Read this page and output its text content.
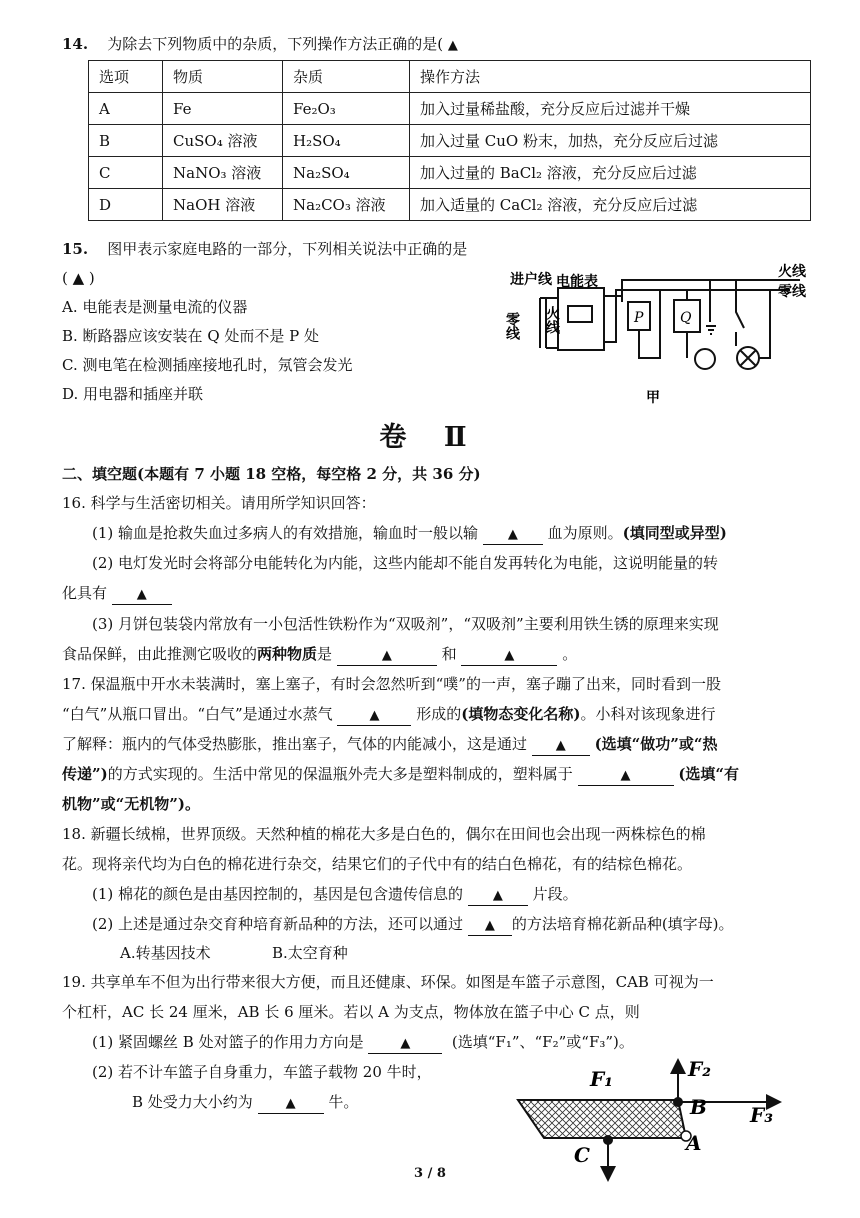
14. 为除去下列物质中的杂质，下列操作方法正确的是( ▲
选项	物质	杂质	操作方法
A	Fe	Fe₂O₃	加入过量稀盐酸，充分反应后过滤并干燥
B	CuSO₄ 溶液	H₂SO₄	加入过量 CuO 粉末，加热，充分反应后过滤
C	NaNO₃ 溶液	Na₂SO₄	加入过量的 BaCl₂ 溶液，充分反应后过滤
D	NaOH 溶液	Na₂CO₃ 溶液	加入适量的 CaCl₂ 溶液，充分反应后过滤
15. 图甲表示家庭电路的一部分，下列相关说法中正确的是
( ▲ )
A. 电能表是测量电流的仪器
B. 断路器应该安装在 Q 处而不是 P 处
C. 测电笔在检测插座接地孔时，氖管会发光
D. 用电器和插座并联
进户线 电能表
零线 火线
火线
零线
P	Q
甲
卷 Ⅱ
二、填空题(本题有 7 小题 18 空格，每空格 2 分，共 36 分)
16. 科学与生活密切相关。请用所学知识回答：
(1) 输血是抢救失血过多病人的有效措施，输血时一般以输 ▲ 血为原则。(填同型或异型)
(2) 电灯发光时会将部分电能转化为内能，这些内能却不能自发再转化为电能，这说明能量的转
化具有 ▲
(3) 月饼包装袋内常放有一小包活性铁粉作为“双吸剂”，“双吸剂”主要利用铁生锈的原理来实现
食品保鲜，由此推测它吸收的两种物质是	▲	和	▲	。
17. 保温瓶中开水未装满时，塞上塞子，有时会忽然听到“噗”的一声，塞子蹦了出来，同时看到一股
“白气”从瓶口冒出。“白气”是通过水蒸气	▲ 形成的(填物态变化名称)。小科对该现象进行
了解释：瓶内的气体受热膨胀，推出塞子，气体的内能减小，这是通过 ▲ (选填“做功”或“热
传递”)的方式实现的。生活中常见的保温瓶外壳大多是塑料制成的，塑料属于	▲	(选填“有
机物”或“无机物”)。
18. 新疆长绒棉，世界顶级。天然种植的棉花大多是白色的，偶尔在田间也会出现一两株棕色的棉
花。现将亲代均为白色的棉花进行杂交，结果它们的子代中有的结白色棉花，有的结棕色棉花。
(1) 棉花的颜色是由基因控制的，基因是包含遗传信息的 ▲ 片段。
(2) 上述是通过杂交育种培育新品种的方法，还可以通过 ▲ 的方法培育棉花新品种(填字母)。
A.转基因技术	B.太空育种
19. 共享单车不但为出行带来很大方便，而且还健康、环保。如图是车篮子示意图，CAB 可视为一
个杠杆，AC 长 24 厘米，AB 长 6 厘米。若以 A 为支点，物体放在篮子中心 C 点，则
(1) 紧固螺丝 B 处对篮子的作用力方向是	▲	(选填“F₁”、“F₂”或“F₃”)。
(2) 若不计车篮子自身重力，车篮子载物 20 牛时，
B 处受力大小约为	▲ 牛。
F₁	F₂
F₃
B
A
C
3 / 8
